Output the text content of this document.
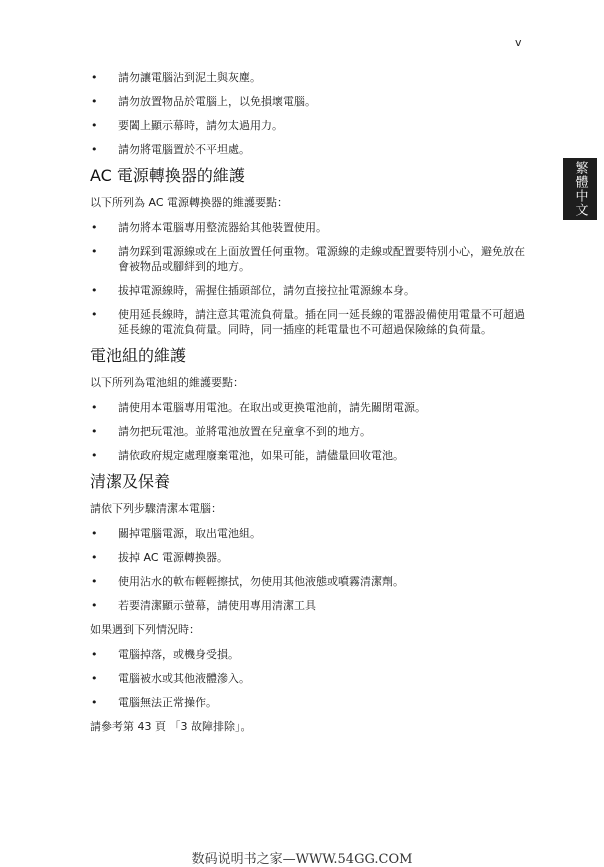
v
繁體中文
• 請勿讓電腦沾到泥土與灰塵。
• 請勿放置物品於電腦上，以免損壞電腦。
• 要闔上顯示幕時，請勿太過用力。
• 請勿將電腦置於不平坦處。
AC 電源轉換器的維護

以下所列為 AC 電源轉換器的維護要點：

• 請勿將本電腦專用整流器給其他裝置使用。
• 請勿踩到電源線或在上面放置任何重物。電源線的走線或配置要特別小心，避免放在會被物品或腳絆到的地方。
• 拔掉電源線時，需握住插頭部位，請勿直接拉扯電源線本身。
• 使用延長線時，請注意其電流負荷量。插在同一延長線的電器設備使用電量不可超過延長線的電流負荷量。同時，同一插座的耗電量也不可超過保險絲的負荷量。
電池組的維護

以下所列為電池組的維護要點：

• 請使用本電腦專用電池。在取出或更換電池前，請先關閉電源。
• 請勿把玩電池。並將電池放置在兒童拿不到的地方。
• 請依政府規定處理廢棄電池，如果可能，請儘量回收電池。
清潔及保養

請依下列步驟清潔本電腦：

• 關掉電腦電源，取出電池組。
• 拔掉 AC 電源轉換器。
• 使用沾水的軟布輕輕擦拭，勿使用其他液態或噴霧清潔劑。
• 若要清潔顯示螢幕，請使用專用清潔工具

如果遇到下列情況時：

• 電腦掉落，或機身受損。
• 電腦被水或其他液體滲入。
• 電腦無法正常操作。

請參考第 43 頁 「3 故障排除」。

数码说明书之家—WWW.54GG.COM
